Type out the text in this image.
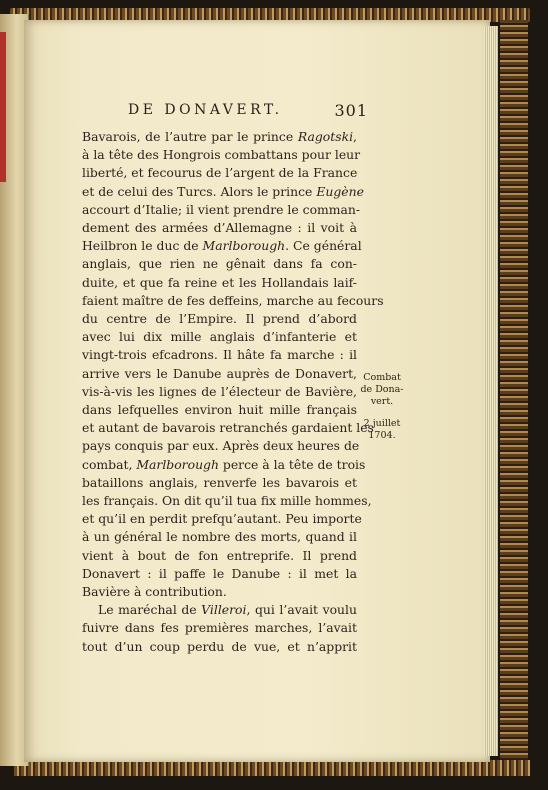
DE DONAVERT.	301
Bavarois, de l’autre par le prince Ragotski,
à la tête des Hongrois combattans pour leur
liberté, et fecourus de l’argent de la France
et de celui des Turcs. Alors le prince Eugène
accourt d’Italie; il vient prendre le comman-
dement des armées d’Allemagne : il voit à
Heilbron le duc de Marlborough. Ce général
anglais, que rien ne gênait dans fa con-
duite, et que fa reine et les Hollandais laif-
faient maître de fes deffeins, marche au fecours
du centre de l’Empire. Il prend d’abord
avec lui dix mille anglais d’infanterie et
vingt-trois efcadrons. Il hâte fa marche : il
arrive vers le Danube auprès de Donavert,
vis-à-vis les lignes de l’électeur de Bavière,
dans lefquelles environ huit mille français
et autant de bavarois retranchés gardaient les
pays conquis par eux. Après deux heures de
combat, Marlborough perce à la tête de trois
bataillons anglais, renverfe les bavarois et
les français. On dit qu’il tua fix mille hommes,
et qu’il en perdit prefqu’autant. Peu importe
à un général le nombre des morts, quand il
vient à bout de fon entreprife. Il prend
Donavert : il paffe le Danube : il met la
Bavière à contribution.
Le maréchal de Villeroi, qui l’avait voulu
fuivre dans fes premières marches, l’avait
tout d’un coup perdu de vue, et n’apprit
Combat
de Dona-
vert.
2 juillet
1704.
